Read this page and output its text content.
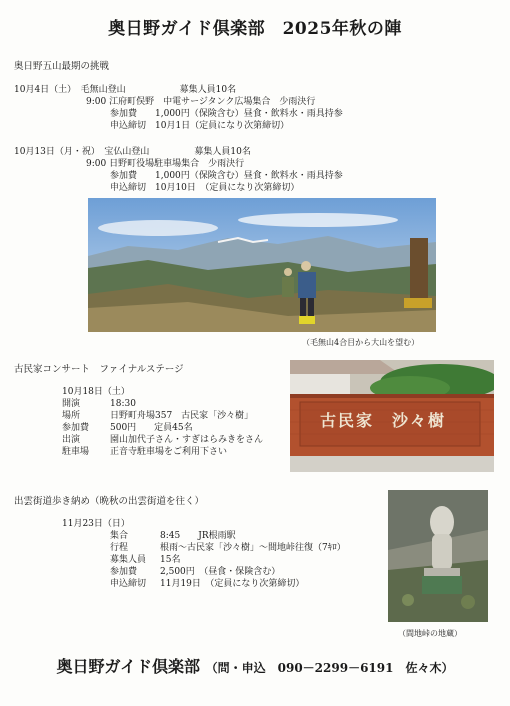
奥日野ガイド倶楽部　2025年秋の陣
奥日野五山最期の挑戦
10月4日（土）　毛無山登山　　　　　　募集人員10名
9:00 江府町俣野　中電サージタンク広場集合　少雨決行
参加費　　1,000円（保険含む）昼食・飲料水・雨具持参
申込締切　10月1日（定員になり次第締切）
10月13日（月・祝）　宝仏山登山　　　　　募集人員10名
9:00 日野町役場駐車場集合　少雨決行
参加費　　1,000円（保険含む）昼食・飲料水・雨具持参
申込締切　10月10日　（定員になり次第締切）
（毛無山4合目から大山を望む）
古民家コンサート　ファイナルステージ
10月18日（土）
開演	18:30
場所	日野町舟場357　古民家「沙々樹」
参加費 500円　　定員45名
出演	園山加代子さん・すぎはらみきをさん
駐車場 正音寺駐車場をご利用下さい
古民家　沙々樹
出雲街道歩き納め（晩秋の出雲街道を往く）
11月23日（日）
集合	8:45　　JR根雨駅
行程	根雨～古民家「沙々樹」～間地峠往復（7ｷﾛ）
募集人員 15名
参加費	2,500円　（昼食・保険含む）
申込締切 11月19日　（定員になり次第締切）
（間地峠の地蔵）
奥日野ガイド倶楽部 （問・申込　090－2299－6191　佐々木）
